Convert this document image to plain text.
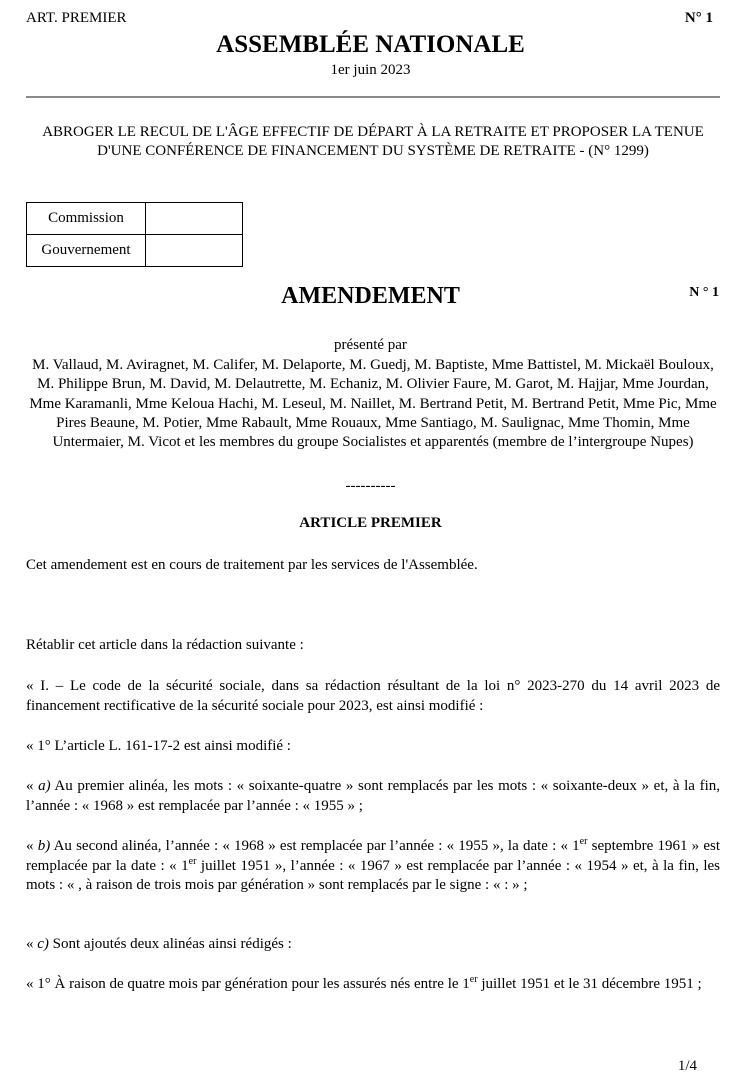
ART. PREMIER	N° 1
ASSEMBLÉE NATIONALE
1er juin 2023
ABROGER LE RECUL DE L'ÂGE EFFECTIF DE DÉPART À LA RETRAITE ET PROPOSER LA TENUE D'UNE CONFÉRENCE DE FINANCEMENT DU SYSTÈME DE RETRAITE - (N° 1299)
Commission	
Gouvernement	
AMENDEMENT	N ° 1
présenté par
M. Vallaud, M. Aviragnet, M. Califer, M. Delaporte, M. Guedj, M. Baptiste, Mme Battistel, M. Mickaël Bouloux, M. Philippe Brun, M. David, M. Delautrette, M. Echaniz, M. Olivier Faure, M. Garot, M. Hajjar, Mme Jourdan, Mme Karamanli, Mme Keloua Hachi, M. Leseul, M. Naillet, M. Bertrand Petit, M. Bertrand Petit, Mme Pic, Mme Pires Beaune, M. Potier, Mme Rabault, Mme Rouaux, Mme Santiago, M. Saulignac, Mme Thomin, Mme Untermaier, M. Vicot et les membres du groupe Socialistes et apparentés (membre de l’intergroupe Nupes)
----------
ARTICLE PREMIER
Cet amendement est en cours de traitement par les services de l'Assemblée.
Rétablir cet article dans la rédaction suivante :
« I. – Le code de la sécurité sociale, dans sa rédaction résultant de la loi n° 2023-270 du 14 avril 2023 de financement rectificative de la sécurité sociale pour 2023, est ainsi modifié :
« 1° L’article L. 161-17-2 est ainsi modifié :
« a) Au premier alinéa, les mots : « soixante-quatre » sont remplacés par les mots : « soixante-deux » et, à la fin, l’année : « 1968 » est remplacée par l’année : « 1955 » ;
« b) Au second alinéa, l’année : « 1968 » est remplacée par l’année : « 1955 », la date : « 1er septembre 1961 » est remplacée par la date : « 1er juillet 1951 », l’année : « 1967 » est remplacée par l’année : « 1954 » et, à la fin, les mots : « , à raison de trois mois par génération » sont remplacés par le signe : « : » ;
« c) Sont ajoutés deux alinéas ainsi rédigés :
« 1° À raison de quatre mois par génération pour les assurés nés entre le 1er juillet 1951 et le 31 décembre 1951 ;
1/4
